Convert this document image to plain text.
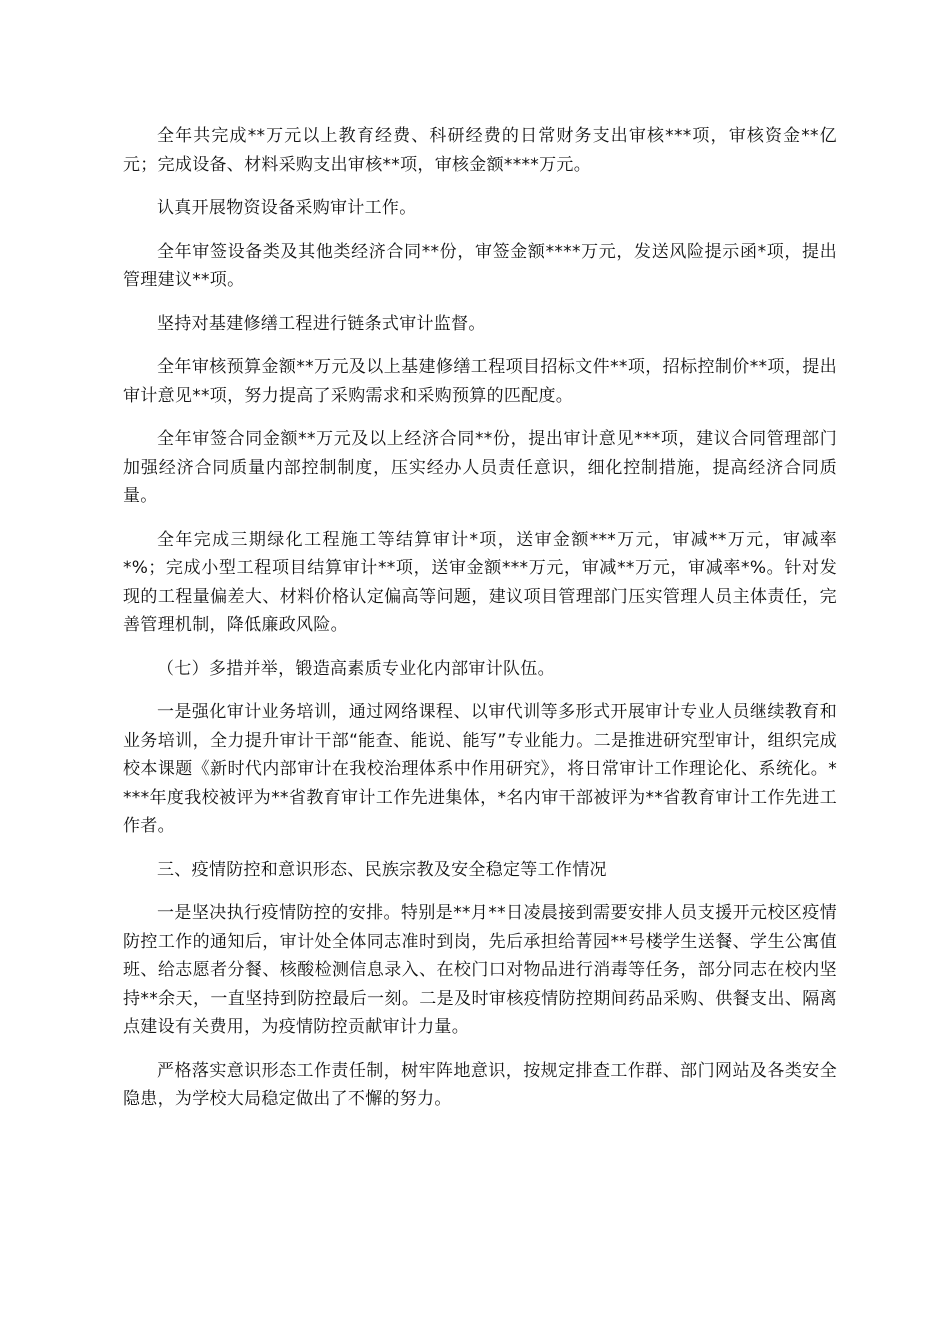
全年共完成**万元以上教育经费、科研经费的日常财务支出审核***项，审核资金**亿元；完成设备、材料采购支出审核**项，审核金额****万元。

认真开展物资设备采购审计工作。

全年审签设备类及其他类经济合同**份，审签金额****万元，发送风险提示函*项，提出管理建议**项。

坚持对基建修缮工程进行链条式审计监督。

全年审核预算金额**万元及以上基建修缮工程项目招标文件**项，招标控制价**项，提出审计意见**项，努力提高了采购需求和采购预算的匹配度。

全年审签合同金额**万元及以上经济合同**份，提出审计意见***项，建议合同管理部门加强经济合同质量内部控制制度，压实经办人员责任意识，细化控制措施，提高经济合同质量。

全年完成三期绿化工程施工等结算审计*项，送审金额***万元，审减**万元，审减率*%；完成小型工程项目结算审计**项，送审金额***万元，审减**万元，审减率*%。针对发现的工程量偏差大、材料价格认定偏高等问题，建议项目管理部门压实管理人员主体责任，完善管理机制，降低廉政风险。

（七）多措并举，锻造高素质专业化内部审计队伍。

一是强化审计业务培训，通过网络课程、以审代训等多形式开展审计专业人员继续教育和业务培训，全力提升审计干部“能查、能说、能写”专业能力。二是推进研究型审计，组织完成校本课题《新时代内部审计在我校治理体系中作用研究》，将日常审计工作理论化、系统化。****年度我校被评为**省教育审计工作先进集体，*名内审干部被评为**省教育审计工作先进工作者。

三、疫情防控和意识形态、民族宗教及安全稳定等工作情况

一是坚决执行疫情防控的安排。特别是**月**日凌晨接到需要安排人员支援开元校区疫情防控工作的通知后，审计处全体同志准时到岗，先后承担给菁园**号楼学生送餐、学生公寓值班、给志愿者分餐、核酸检测信息录入、在校门口对物品进行消毒等任务，部分同志在校内坚持**余天，一直坚持到防控最后一刻。二是及时审核疫情防控期间药品采购、供餐支出、隔离点建设有关费用，为疫情防控贡献审计力量。

严格落实意识形态工作责任制，树牢阵地意识，按规定排查工作群、部门网站及各类安全隐患，为学校大局稳定做出了不懈的努力。
